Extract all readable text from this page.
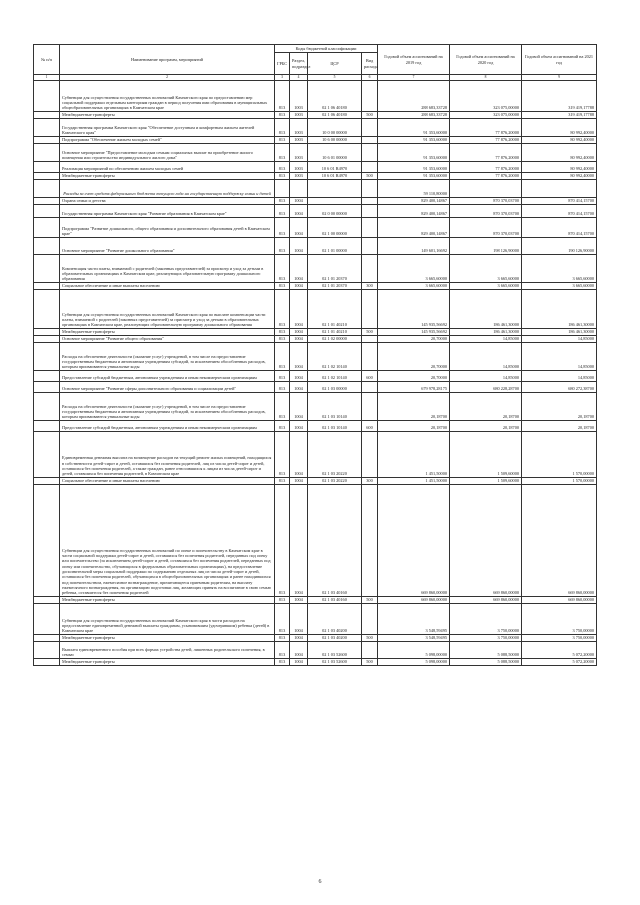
№ п/п	Наименование программ, мероприятий	Коды бюджетной классификации				Годовой объем ассигнований на 2019 год	Годовой объем ассигнований на 2020 год	Годовой объем ассигнований на 2021 год
		ГРБС	Раздел, подраздел	ЦСР	Вид расхода			
1	2	3	4	5	6	7	8	9
	Субвенции для осуществления государственных полномочий Камчатского края по предоставлению мер социальной поддержки отдельным категориям граждан в период получения ими образования в муниципальных общеобразовательных организациях в Камчатском крае	813	1003	02 1 06 40180		288 683,33728	323 075,00000	319 419,17788
	Межбюджетные трансферты	813	1003	02 1 06 40180	500	288 683,33728	323 075,00000	319 419,17788
	Государственная программа Камчатского края "Обеспечение доступным и комфортным жильем жителей Камчатского края"	813	1003	10 0 00 00000		91 353,60000	77 876,20000	80 992,40000
	Подпрограмма "Обеспечение жильем молодых семей"	813	1003	10 6 00 00000		91 353,60000	77 876,20000	80 992,40000
	Основное мероприятие "Предоставление молодым семьям социальных выплат на приобретение жилого помещения или строительство индивидуального жилого дома"	813	1003	10 6 01 00000		91 353,60000	77 876,20000	80 992,40000
	Реализация мероприятий по обеспечению жильем молодых семей	813	1003	10 6 01 R4970		91 353,60000	77 876,20000	80 992,40000
	Межбюджетные трансферты	813	1003	10 6 01 R4970	500	91 353,60000	77 876,20000	80 992,40000
	Расходы за счет средств федерального бюджета текущего года на государственную поддержку семьи и детей					59 110,80000		
	Охрана семьи и детства	813	1004			829 400,14867	870 370,03700	870 414,15700
	Государственная программа Камчатского края "Развитие образования в Камчатском крае"	813	1004	02 0 00 00000		829 400,14867	870 370,03700	870 414,15700
	Подпрограмма "Развитие дошкольного, общего образования и дополнительного образования детей в Камчатском крае"	813	1004	02 1 00 00000		829 400,14867	870 370,03700	870 414,15700
	Основное мероприятие "Развитие дошкольного образования"	813	1004	02 1 01 00000		149 601,16692	198 126,90000	190 126,90000
	Компенсация части платы, взимаемой с родителей (законных представителей) за присмотр и уход за детьми в образовательных организациях в Камчатском крае, реализующих образовательную программу дошкольного образования	813	1004	02 1 01 20370		3 665,60000	3 665,60000	3 665,60000
	Социальное обеспечение и иные выплаты населению	813	1004	02 1 01 20370	300	3 665,60000	3 665,60000	3 665,60000
	Субвенции для осуществления государственных полномочий Камчатского края по выплате компенсации части платы, взимаемой с родителей (законных представителей) за присмотр и уход за детьми в образовательных организациях в Камчатском крае, реализующих образовательную программу дошкольного образования	813	1004	02 1 01 40210		145 935,56692	186 461,30000	186 461,30000
	Межбюджетные трансферты	813	1004	02 1 01 40210	500	145 935,56692	186 461,30000	186 461,30000
	Основное мероприятие "Развитие общего образования"	813	1004	02 1 02 00000		20,70000	14,85000	14,85000
	Расходы на обеспечение деятельности (оказание услуг) учреждений, в том числе на предоставление государственным бюджетным и автономным учреждениям субсидий, за исключением обособленных расходов, которым присваиваются уникальные коды	813	1004	02 1 02 10140		20,70000	14,85000	14,85000
	Предоставление субсидий бюджетным, автономным учреждениям и иным некоммерческим организациям	813	1004	02 1 02 10140	600	20,70000	14,85000	14,85000
	Основное мероприятие "Развитие сферы дополнительного образования и социализации детей"	813	1004	02 1 03 00000		679 978,28175	680 228,28700	680 272,38700
	Расходы на обеспечение деятельности (оказание услуг) учреждений, в том числе на предоставление государственным бюджетным и автономным учреждениям субсидий, за исключением обособленных расходов, которым присваиваются уникальные коды	813	1004	02 1 03 10140		20,18700	20,18700	20,18700
	Предоставление субсидий бюджетным, автономным учреждениям и иным некоммерческим организациям	813	1004	02 1 03 10140	600	20,18700	20,18700	20,18700
	Единовременная денежная выплата на возмещение расходов на текущий ремонт жилых помещений, находящихся в собственности детей-сирот и детей, оставшихся без попечения родителей, лиц из числа детей-сирот и детей, оставшихся без попечения родителей, а также граждан, ранее относившихся к лицам из числа детей-сирот и детей, оставшихся без попечения родителей, в Камчатском крае	813	1004	02 1 03 20220		1 451,50000	1 509,60000	1 570,00000
	Социальное обеспечение и иные выплаты населению	813	1004	02 1 03 20220	300	1 451,50000	1 509,60000	1 570,00000
	Субвенции для осуществления государственных полномочий по опеке и попечительству в Камчатском крае в части социальной поддержки детей-сирот и детей, оставшихся без попечения родителей, переданных под опеку или попечительство (за исключением детей-сирот и детей, оставшихся без попечения родителей, переданных под опеку или попечительство, обучающихся в федеральных образовательных организациях), на предоставление дополнительной меры социальной поддержки по содержанию отдельных лиц из числа детей-сирот и детей, оставшихся без попечения родителей, обучающихся в общеобразовательных организациях и ранее находившихся под попечительством, ежемесячное вознаграждение, причитающееся приемным родителям, на выплату ежемесячного вознаграждения, на организацию подготовки лиц, желающих принять на воспитание в свою семью ребенка, оставшегося без попечения родителей	813	1004	02 1 03 40160		669 860,00000	669 860,00000	669 860,00000
	Межбюджетные трансферты	813	1004	02 1 03 40160	500	669 860,00000	669 860,00000	669 860,00000
	Субвенции для осуществления государственных полномочий Камчатского края в части расходов на предоставление единовременной денежной выплаты гражданам, усыновившим (удочерившим) ребенка (детей) в Камчатском крае	813	1004	02 1 03 40200		3 548,59495	3 750,00000	3 750,00000
	Межбюджетные трансферты	813	1004	02 1 03 40200	500	3 548,59495	3 750,00000	3 750,00000
	Выплата единовременного пособия при всех формах устройства детей, лишенных родительского попечения, в семью	813	1004	02 1 03 52600		5 098,00000	5 088,50000	5 072,20000
	Межбюджетные трансферты	813	1004	02 1 03 52600	500	5 098,00000	5 088,50000	5 072,20000
6
